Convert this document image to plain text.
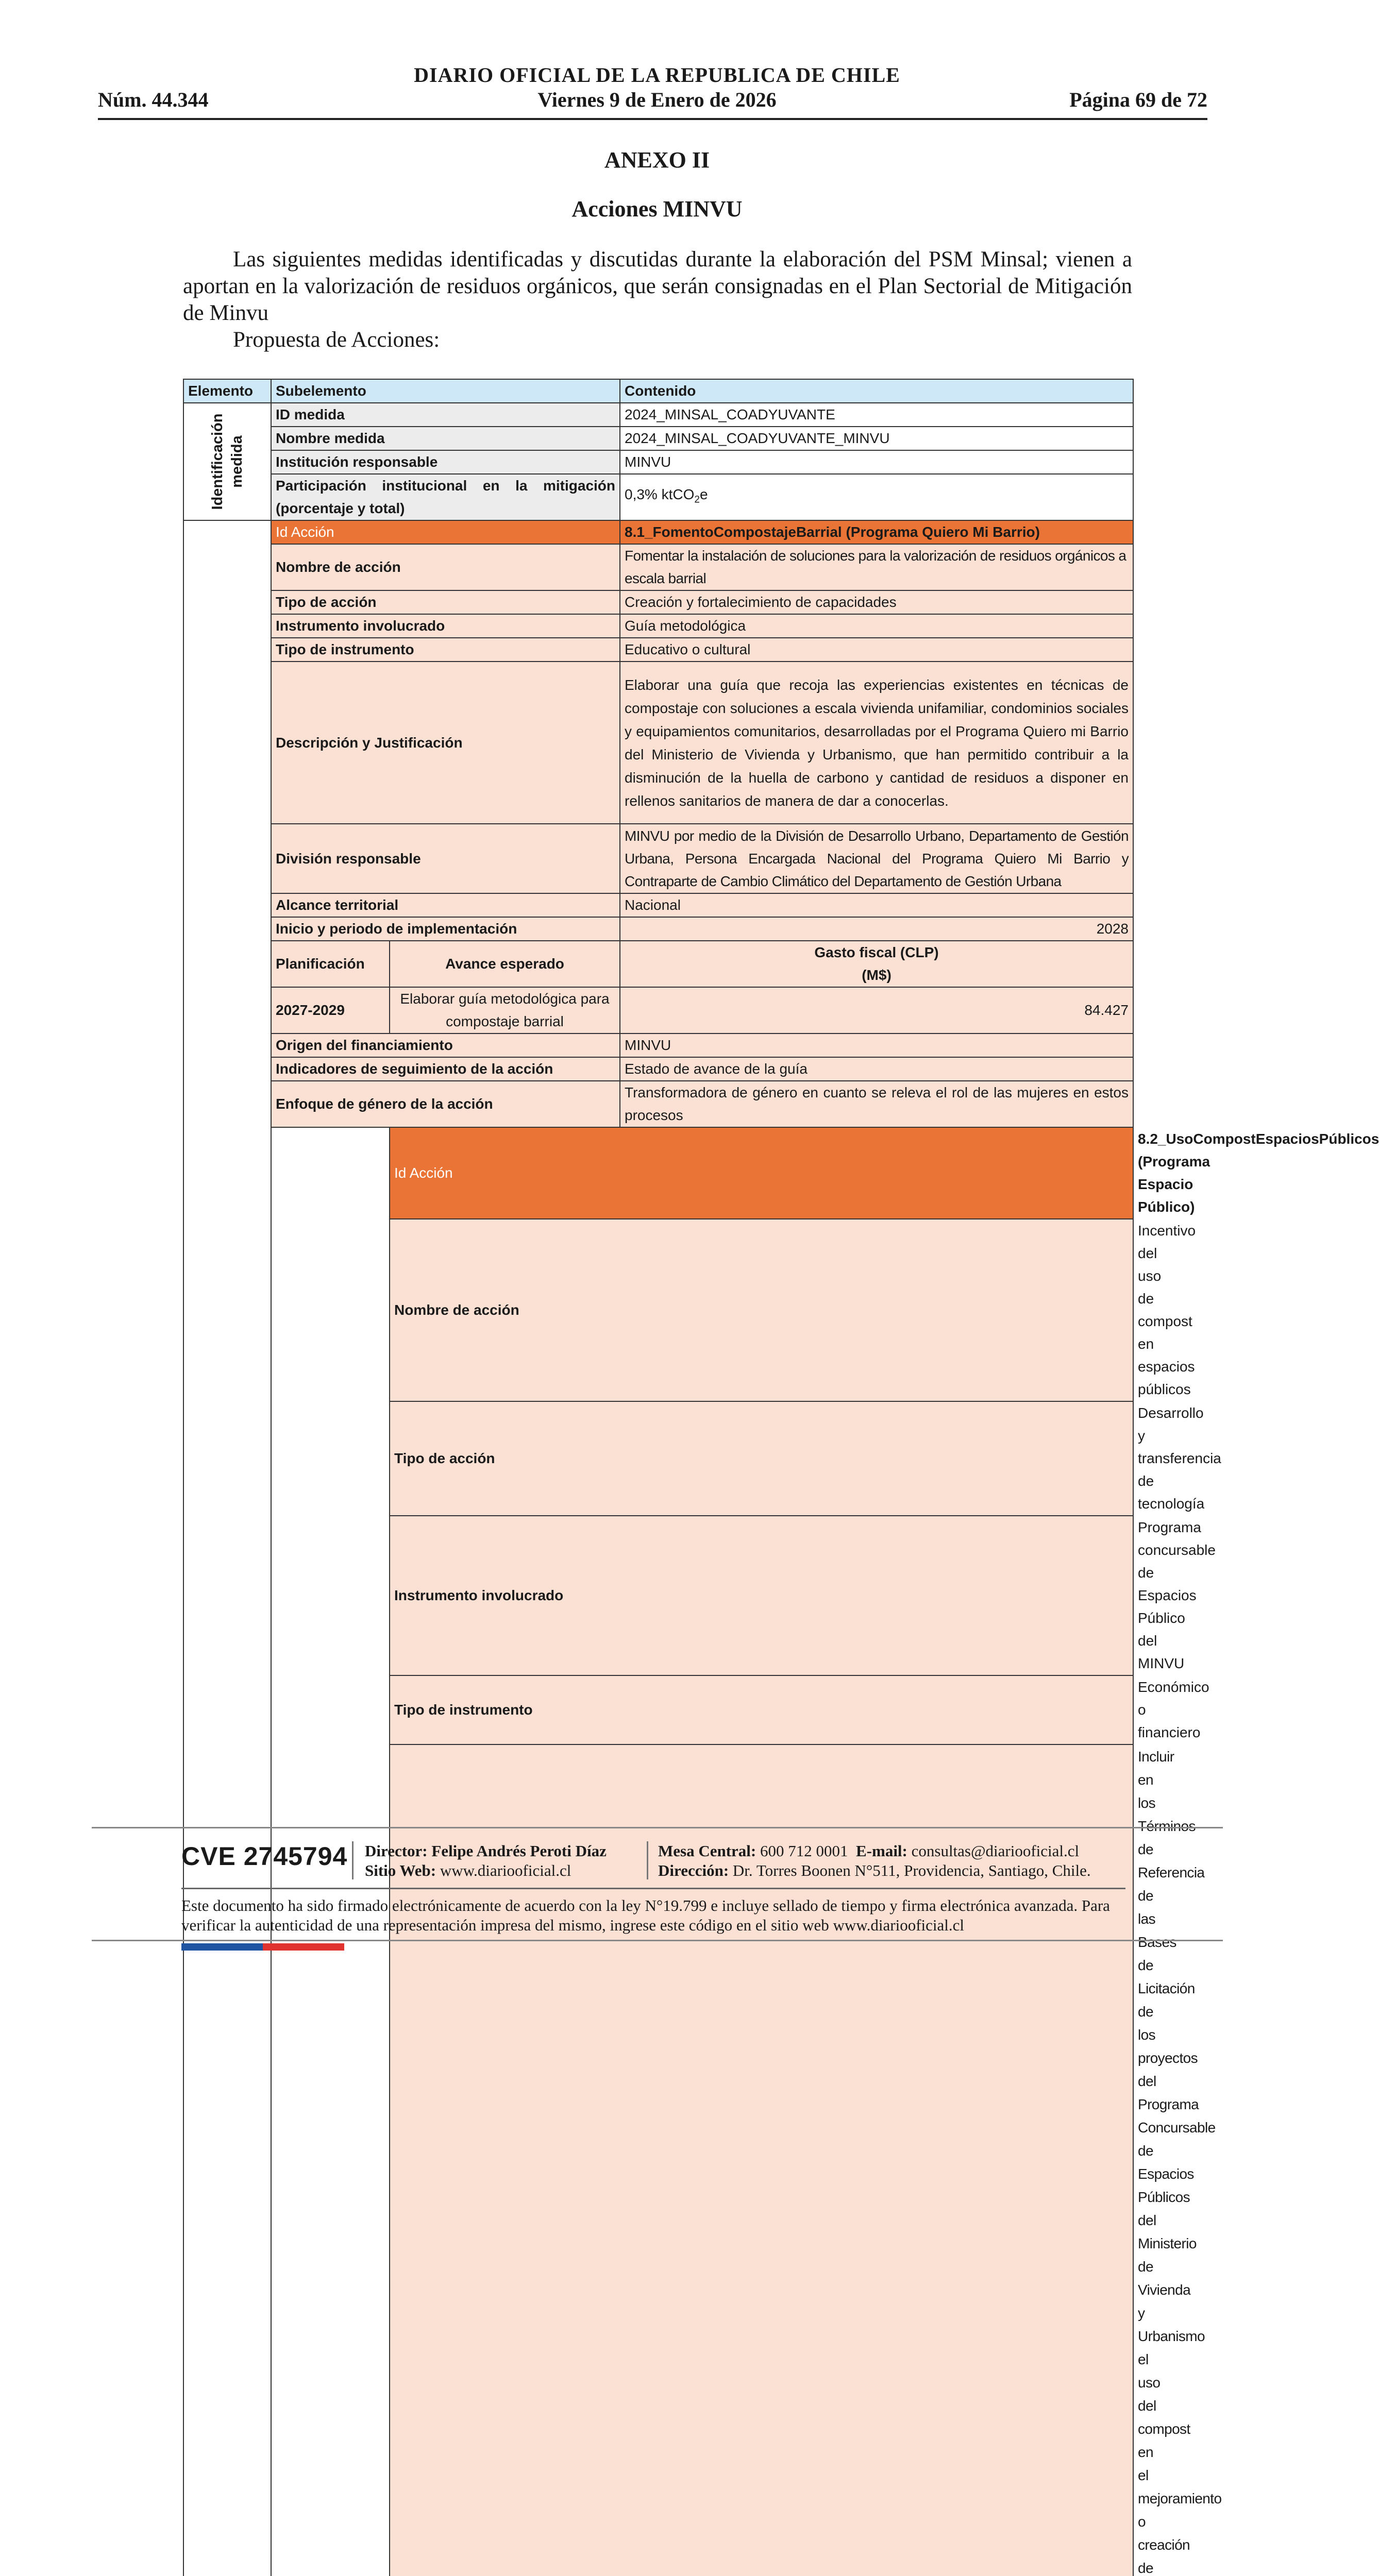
DIARIO OFICIAL DE LA REPUBLICA DE CHILE
Núm. 44.344	Viernes 9 de Enero de 2026	Página 69 de 72
ANEXO II
Acciones MINVU
Las siguientes medidas identificadas y discutidas durante la elaboración del PSM Minsal; vienen a aportan en la valorización de residuos orgánicos, que serán consignadas en el Plan Sectorial de Mitigación de Minvu
Propuesta de Acciones:
Elemento	Subelemento		Contenido	

Identificación medida	ID medida		2024_MINSAL_COADYUVANTE	
	Nombre medida		2024_MINSAL_COADYUVANTE_MINVU	
	Institución responsable		MINVU	
	Participación institucional en la mitigación (porcentaje y total)		0,3% ktCO$_2$e	

	Id Acción		8.1_FomentoCompostajeBarrial (Programa Quiero Mi Barrio)	
	Nombre de acción		Fomentar la instalación de soluciones para la valorización de residuos orgánicos a escala barrial	
	Tipo de acción		Creación y fortalecimiento de capacidades	
	Instrumento involucrado		Guía metodológica	
	Tipo de instrumento		Educativo o cultural	
	Descripción y Justificación		Elaborar una guía que recoja las experiencias existentes en técnicas de compostaje con soluciones a escala vivienda unifamiliar, condominios sociales y equipamientos comunitarios, desarrolladas por el Programa Quiero mi Barrio del Ministerio de Vivienda y Urbanismo, que han permitido contribuir a la disminución de la huella de carbono y cantidad de residuos a disponer en rellenos sanitarios de manera de dar a conocerlas.	
	División responsable		MINVU por medio de la División de Desarrollo Urbano, Departamento de Gestión Urbana, Persona Encargada Nacional del Programa Quiero Mi Barrio y Contraparte de Cambio Climático del Departamento de Gestión Urbana	
	Alcance territorial		Nacional	
	Inicio y periodo de implementación		2028	
	Planificación	Avance esperado	Gasto fiscal (CLP)
(M$)	
	2027-2029	Elaborar guía metodológica para compostaje barrial	84.427	
	Origen del financiamiento		MINVU	
	Indicadores de seguimiento de la acción		Estado de avance de la guía	
	Enfoque de género de la acción		Transformadora de género en cuanto se releva el rol de las mujeres en estos procesos	

	Id Acción		8.2_UsoCompostEspaciosPúblicos (Programa Espacio Público)
		Nombre de acción		Incentivo del uso de compost en espacios públicos
		Tipo de acción		Desarrollo y transferencia de tecnología
		Instrumento involucrado		Programa concursable de Espacios Público del MINVU
		Tipo de instrumento		Económico o financiero
	Incluir en los Términos de Referencia de las Bases de Licitación de los proyectos del Programa Concursable de Espacios Públicos del Ministerio de Vivienda y Urbanismo el uso del compost en el mejoramiento o creación de

CVE 2745794 Director: Felipe Andrés Peroti Díaz
Sitio Web: www.diariooficial.cl
Mesa Central: 600 712 0001 E-mail: consultas@diariooficial.cl
Dirección: Dr. Torres Boonen N°511, Providencia, Santiago, Chile.
Este documento ha sido firmado electrónicamente de acuerdo con la ley N°19.799 e incluye sellado de tiempo y firma electrónica avanzada. Para verificar la autenticidad de una representación impresa del mismo, ingrese este código en el sitio web www.diariooficial.cl
